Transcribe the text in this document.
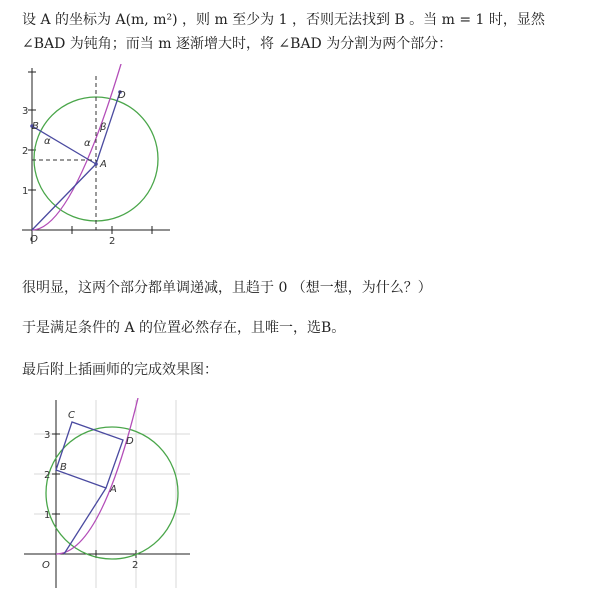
设 A 的坐标为 A(m, m²) ，则 m 至少为 1 ，否则无法找到 B 。当 m = 1 时，显然 ∠BAD 为钝角；而当 m 逐渐增大时，将 ∠BAD 为分割为两个部分：
A
B
D
O
α	α
β
1
2
3
2
很明显，这两个部分都单调递减，且趋于 0 （想一想，为什么？）
于是满足条件的 A 的位置必然存在，且唯一，选B。
最后附上插画师的完成效果图：
A
B
C
D
O
1
2
3
2
